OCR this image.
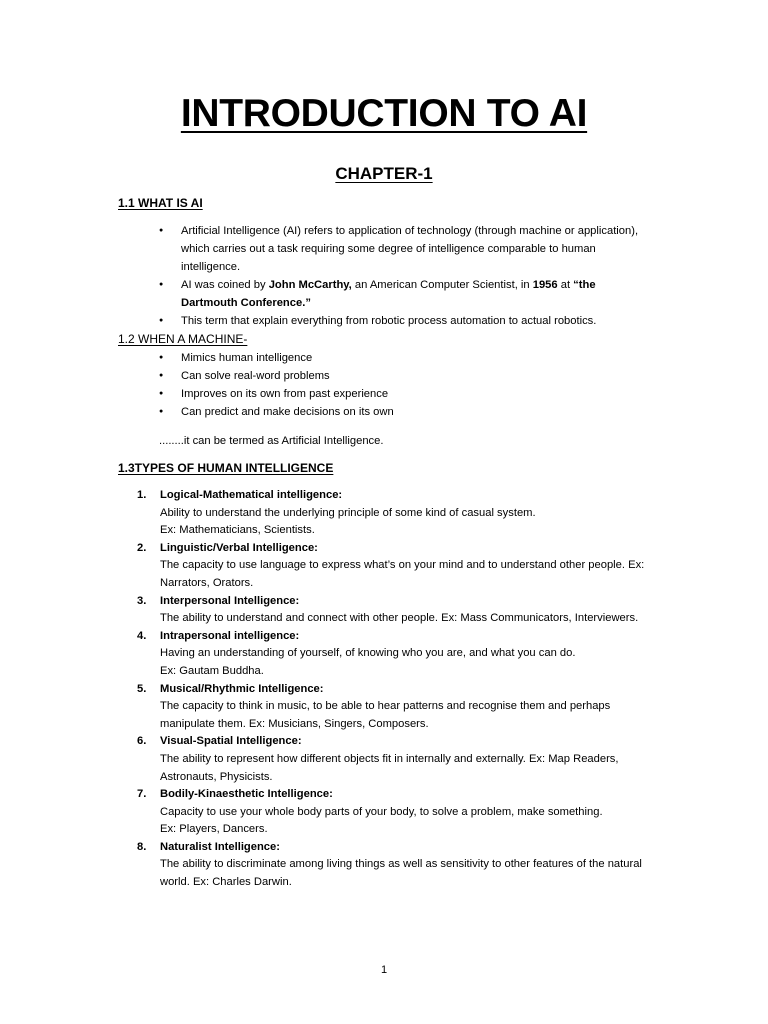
INTRODUCTION TO AI
CHAPTER-1
1.1 WHAT IS AI
● Artificial Intelligence (AI) refers to application of technology (through machine or application), which carries out a task requiring some degree of intelligence comparable to human intelligence.
● AI was coined by John McCarthy, an American Computer Scientist, in 1956 at “the Dartmouth Conference.”
● This term that explain everything from robotic process automation to actual robotics.
1.2 WHEN A MACHINE-
● Mimics human intelligence
● Can solve real-word problems
● Improves on its own from past experience
● Can predict and make decisions on its own

........it can be termed as Artificial Intelligence.

1.3TYPES OF HUMAN INTELLIGENCE
1. Logical-Mathematical intelligence:
Ability to understand the underlying principle of some kind of casual system.
Ex: Mathematicians, Scientists.
2. Linguistic/Verbal Intelligence:
The capacity to use language to express what’s on your mind and to understand other people. Ex: Narrators, Orators.
3. Interpersonal Intelligence:
The ability to understand and connect with other people. Ex: Mass Communicators, Interviewers.
4. Intrapersonal intelligence:
Having an understanding of yourself, of knowing who you are, and what you can do.
Ex: Gautam Buddha.
5. Musical/Rhythmic Intelligence:
The capacity to think in music, to be able to hear patterns and recognise them and perhaps manipulate them. Ex: Musicians, Singers, Composers.
6. Visual-Spatial Intelligence:
The ability to represent how different objects fit in internally and externally. Ex: Map Readers, Astronauts, Physicists.
7. Bodily-Kinaesthetic Intelligence:
Capacity to use your whole body parts of your body, to solve a problem, make something.
Ex: Players, Dancers.
8. Naturalist Intelligence:
The ability to discriminate among living things as well as sensitivity to other features of the natural world. Ex: Charles Darwin.

1
